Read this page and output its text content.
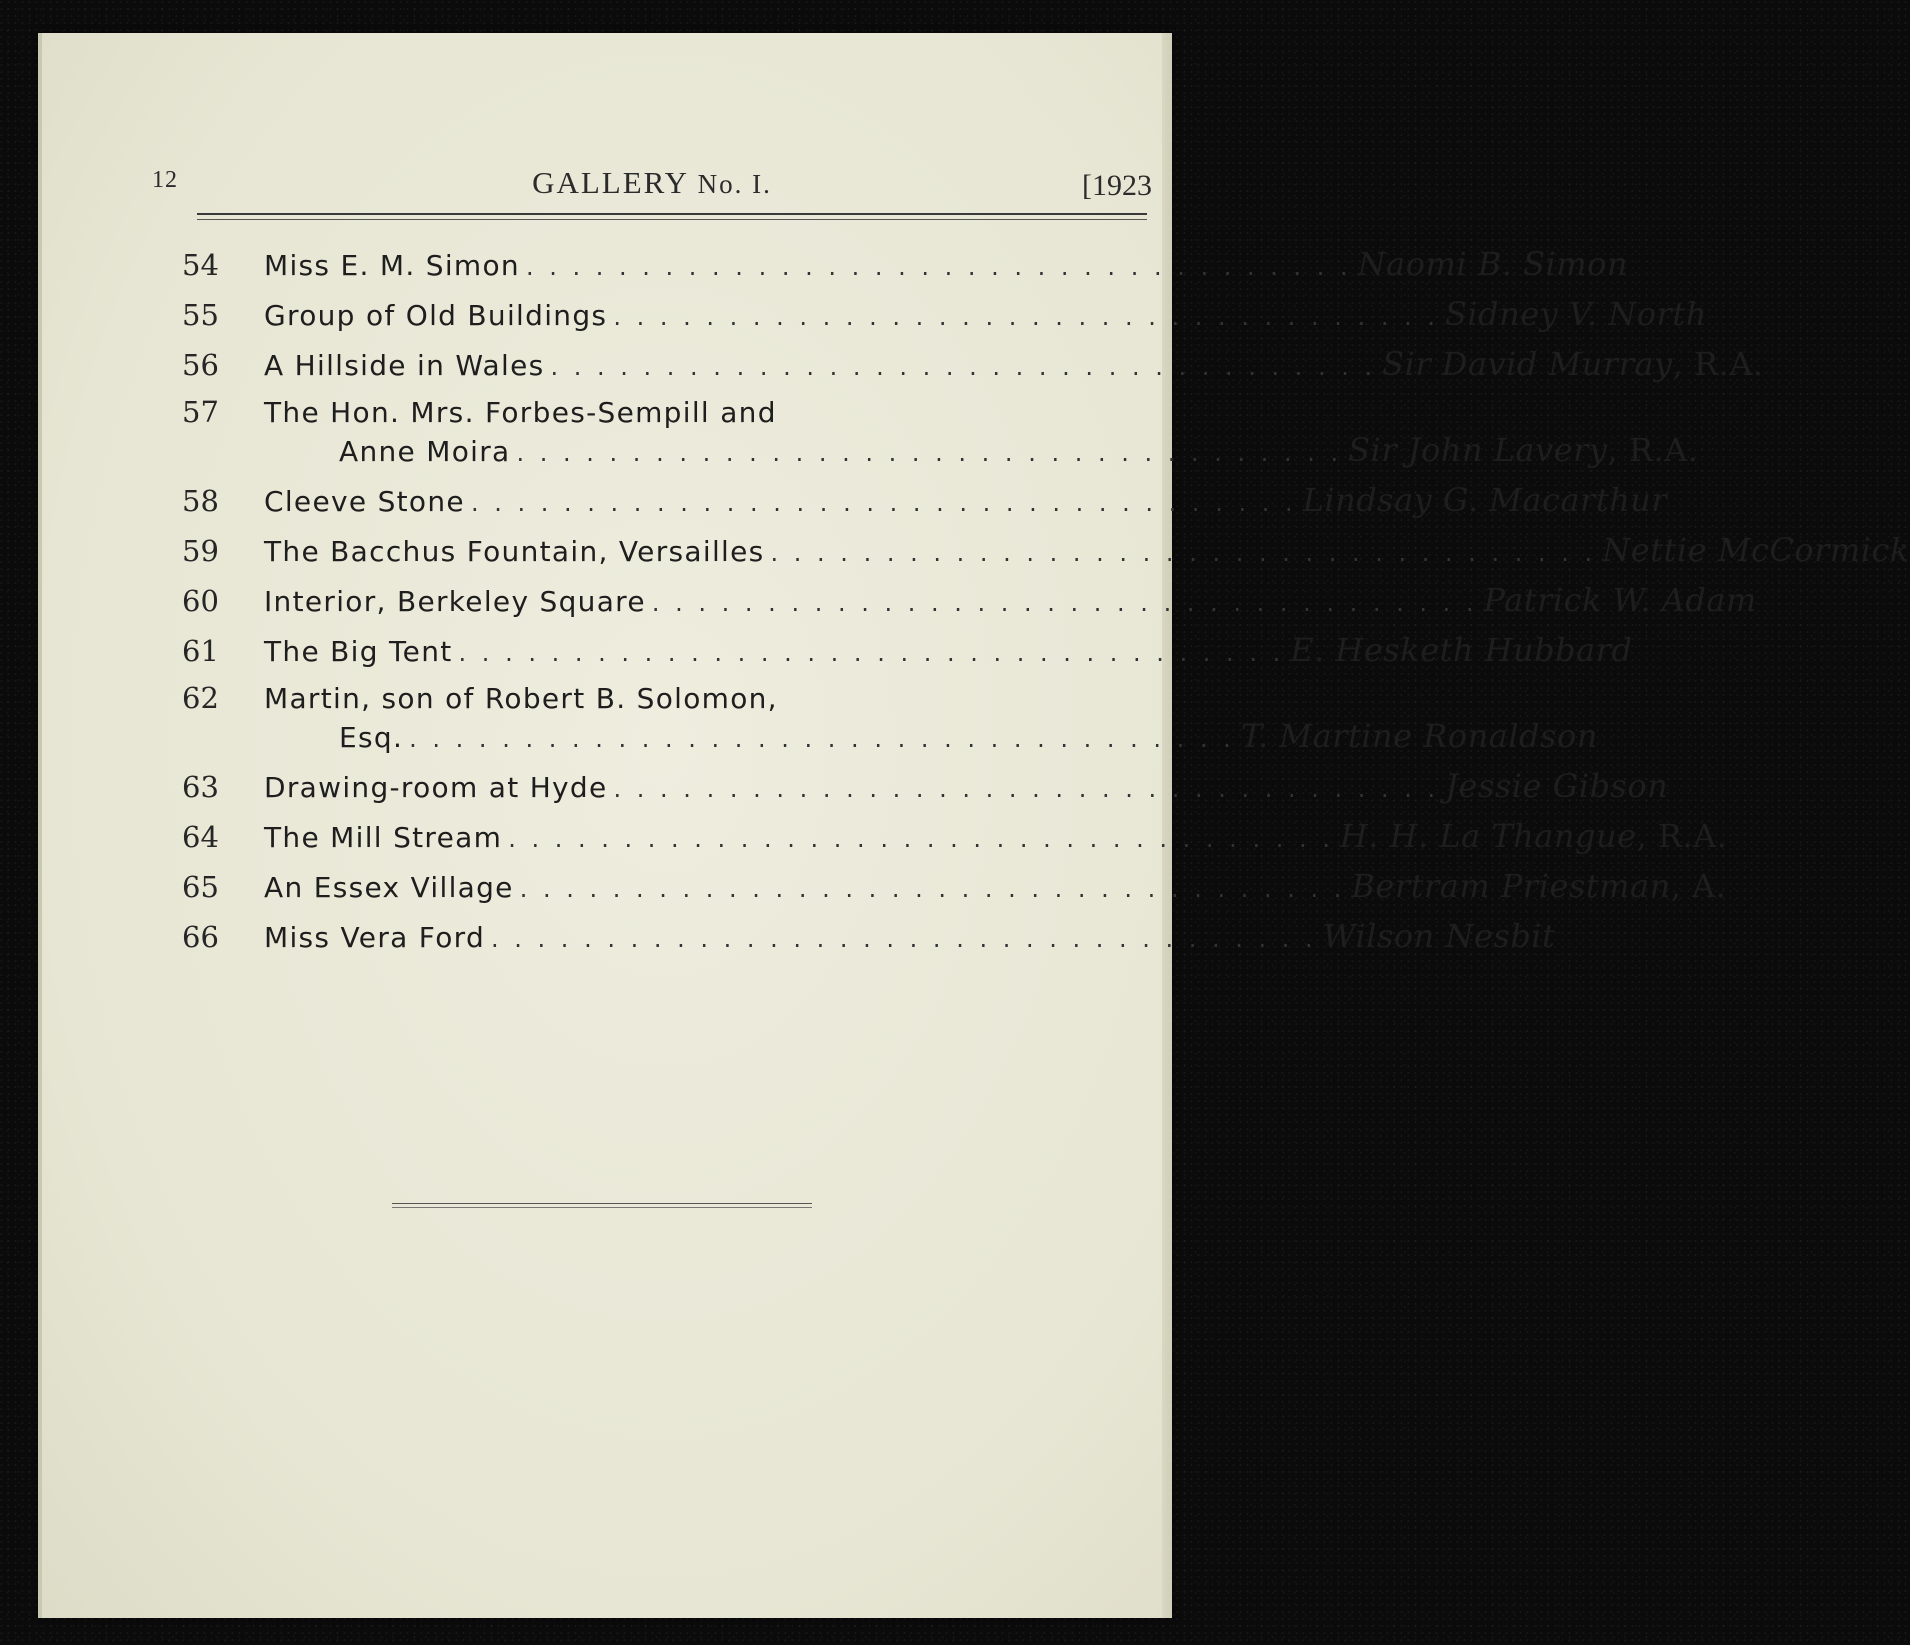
12	GALLERY No. I.	[1923
54	Miss E. M. Simon . . . . . . . . . . . . . . . . . . . . . . . . . . . . . . . . . . . . Naomi B. Simon
55	Group of Old Buildings . . . . . . . . . . . . . . . . . . . . . . . . . . . . . . . . . . . . Sidney V. North
56	A Hillside in Wales . . . . . . . . . . . . . . . . . . . . . . . . . . . . . . . . . . . . Sir David Murray, R.A.
57	The Hon. Mrs. Forbes-Sempill and
Anne Moira . . . . . . . . . . . . . . . . . . . . . . . . . . . . . . . . . . . . Sir John Lavery, R.A.
58	Cleeve Stone . . . . . . . . . . . . . . . . . . . . . . . . . . . . . . . . . . . . Lindsay G. Macarthur
59	The Bacchus Fountain, Versailles . . . . . . . . . . . . . . . . . . . . . . . . . . . . . . . . . . . . Nettie McCormick
60	Interior, Berkeley Square . . . . . . . . . . . . . . . . . . . . . . . . . . . . . . . . . . . . Patrick W. Adam
61	The Big Tent . . . . . . . . . . . . . . . . . . . . . . . . . . . . . . . . . . . . E. Hesketh Hubbard
62	Martin, son of Robert B. Solomon,
Esq. . . . . . . . . . . . . . . . . . . . . . . . . . . . . . . . . . . . . T. Martine Ronaldson
63	Drawing-room at Hyde . . . . . . . . . . . . . . . . . . . . . . . . . . . . . . . . . . . . Jessie Gibson
64	The Mill Stream . . . . . . . . . . . . . . . . . . . . . . . . . . . . . . . . . . . . H. H. La Thangue, R.A.
65	An Essex Village . . . . . . . . . . . . . . . . . . . . . . . . . . . . . . . . . . . . Bertram Priestman, A.
66	Miss Vera Ford . . . . . . . . . . . . . . . . . . . . . . . . . . . . . . . . . . . . Wilson Nesbit
